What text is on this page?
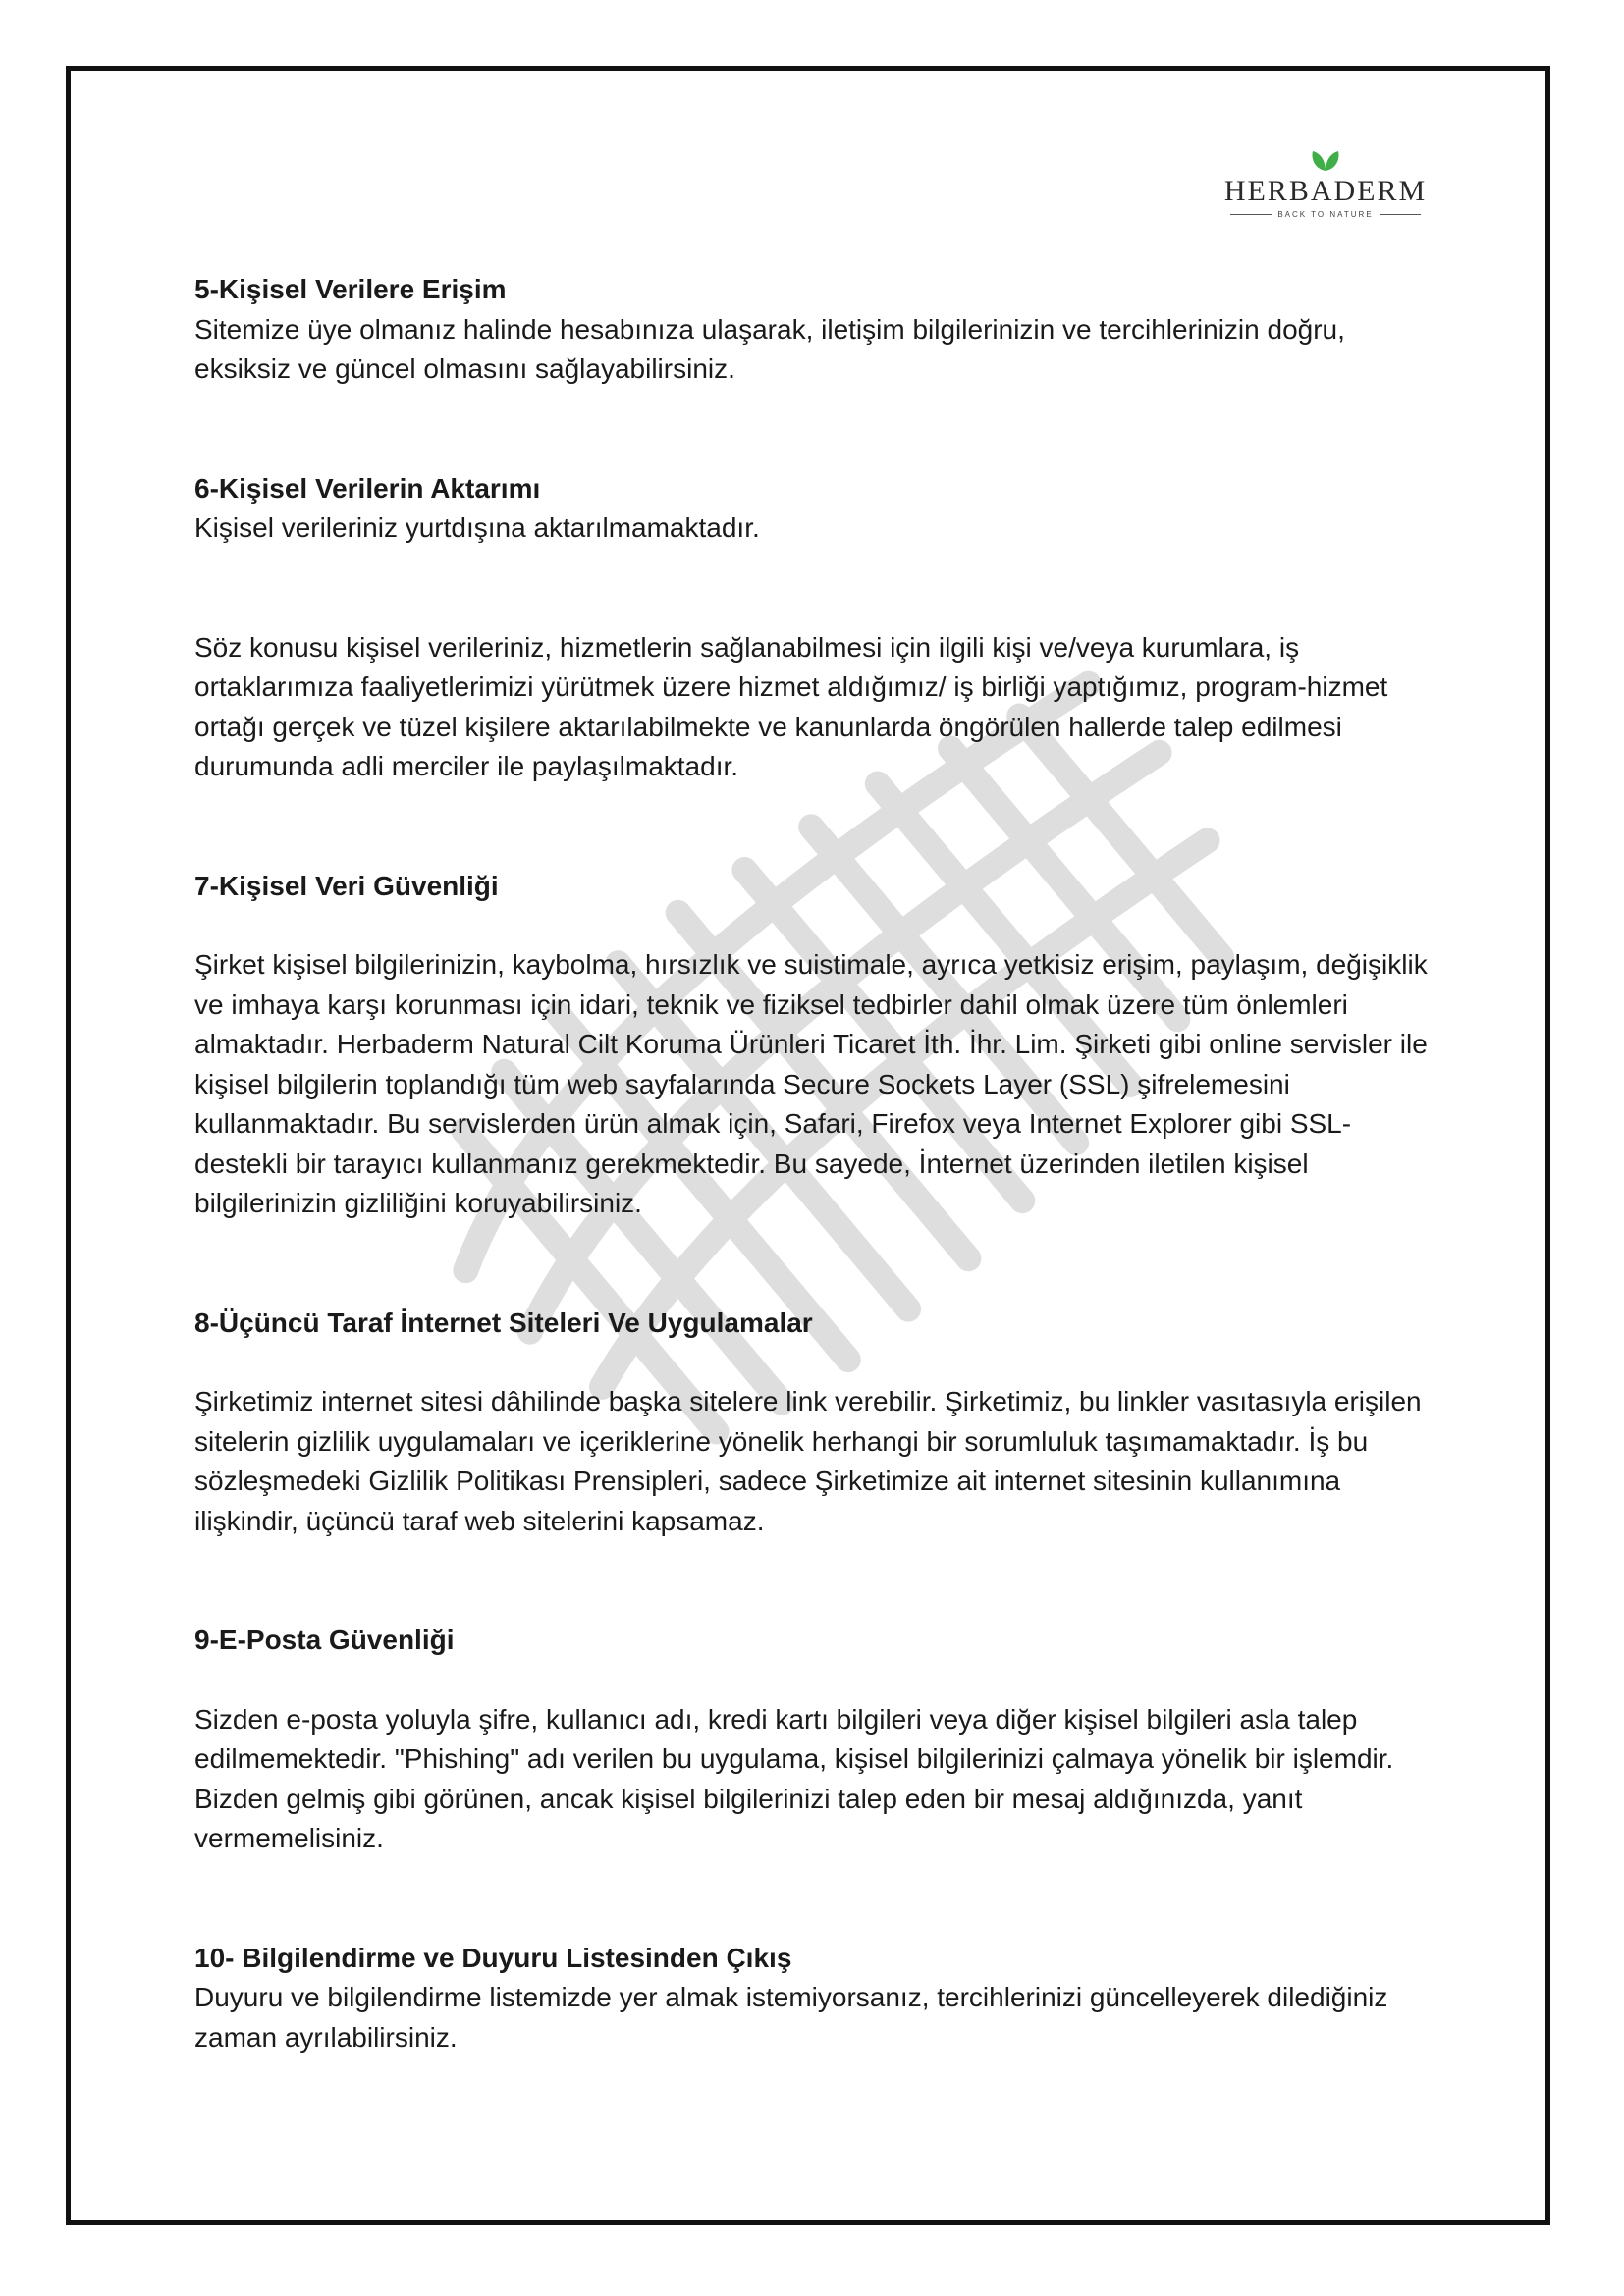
HERBADERM
BACK TO NATURE

5-Kişisel Verilere Erişim

Sitemize üye olmanız halinde hesabınıza ulaşarak, iletişim bilgilerinizin ve tercihlerinizin doğru, eksiksiz ve güncel olmasını sağlayabilirsiniz.

6-Kişisel Verilerin Aktarımı

Kişisel verileriniz yurtdışına aktarılmamaktadır.

Söz konusu kişisel verileriniz, hizmetlerin sağlanabilmesi için ilgili kişi ve/veya kurumlara, iş ortaklarımıza faaliyetlerimizi yürütmek üzere hizmet aldığımız/ iş birliği yaptığımız, program-hizmet ortağı gerçek ve tüzel kişilere aktarılabilmekte ve kanunlarda öngörülen hallerde talep edilmesi durumunda adli merciler ile paylaşılmaktadır.

7-Kişisel Veri Güvenliği

Şirket kişisel bilgilerinizin, kaybolma, hırsızlık ve suistimale, ayrıca yetkisiz erişim, paylaşım, değişiklik ve imhaya karşı korunması için idari, teknik ve fiziksel tedbirler dahil olmak üzere tüm önlemleri almaktadır. Herbaderm Natural Cilt Koruma Ürünleri Ticaret İth. İhr. Lim. Şirketi gibi online servisler ile kişisel bilgilerin toplandığı tüm web sayfalarında Secure Sockets Layer (SSL) şifrelemesini kullanmaktadır. Bu servislerden ürün almak için, Safari, Firefox veya Internet Explorer gibi SSL-destekli bir tarayıcı kullanmanız gerekmektedir. Bu sayede, İnternet üzerinden iletilen kişisel bilgilerinizin gizliliğini koruyabilirsiniz.

8-Üçüncü Taraf İnternet Siteleri Ve Uygulamalar

Şirketimiz internet sitesi dâhilinde başka sitelere link verebilir. Şirketimiz, bu linkler vasıtasıyla erişilen sitelerin gizlilik uygulamaları ve içeriklerine yönelik herhangi bir sorumluluk taşımamaktadır. İş bu sözleşmedeki Gizlilik Politikası Prensipleri, sadece Şirketimize ait internet sitesinin kullanımına ilişkindir, üçüncü taraf web sitelerini kapsamaz.

9-E-Posta Güvenliği

Sizden e-posta yoluyla şifre, kullanıcı adı, kredi kartı bilgileri veya diğer kişisel bilgileri asla talep edilmemektedir. "Phishing" adı verilen bu uygulama, kişisel bilgilerinizi çalmaya yönelik bir işlemdir. Bizden gelmiş gibi görünen, ancak kişisel bilgilerinizi talep eden bir mesaj aldığınızda, yanıt vermemelisiniz.

10- Bilgilendirme ve Duyuru Listesinden Çıkış

Duyuru ve bilgilendirme listemizde yer almak istemiyorsanız, tercihlerinizi güncelleyerek dilediğiniz zaman ayrılabilirsiniz.
